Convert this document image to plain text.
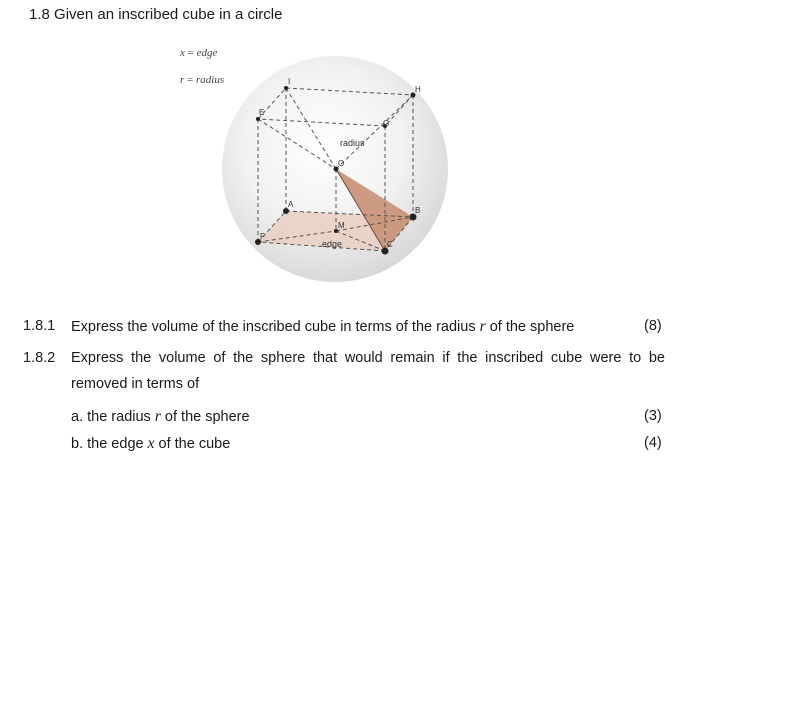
1.8 Given an inscribed cube in a circle
x = edge
r = radius
H
G
I
E
O
A
B
C
F
M
radius
edge
1.8.1 Express the volume of the inscribed cube in terms of the radius r of the sphere	(8)
1.8.2 Express the volume of the sphere that would remain if the inscribed cube were to be
removed in terms of
a. the radius r of the sphere	(3)
b. the edge x of the cube	(4)
